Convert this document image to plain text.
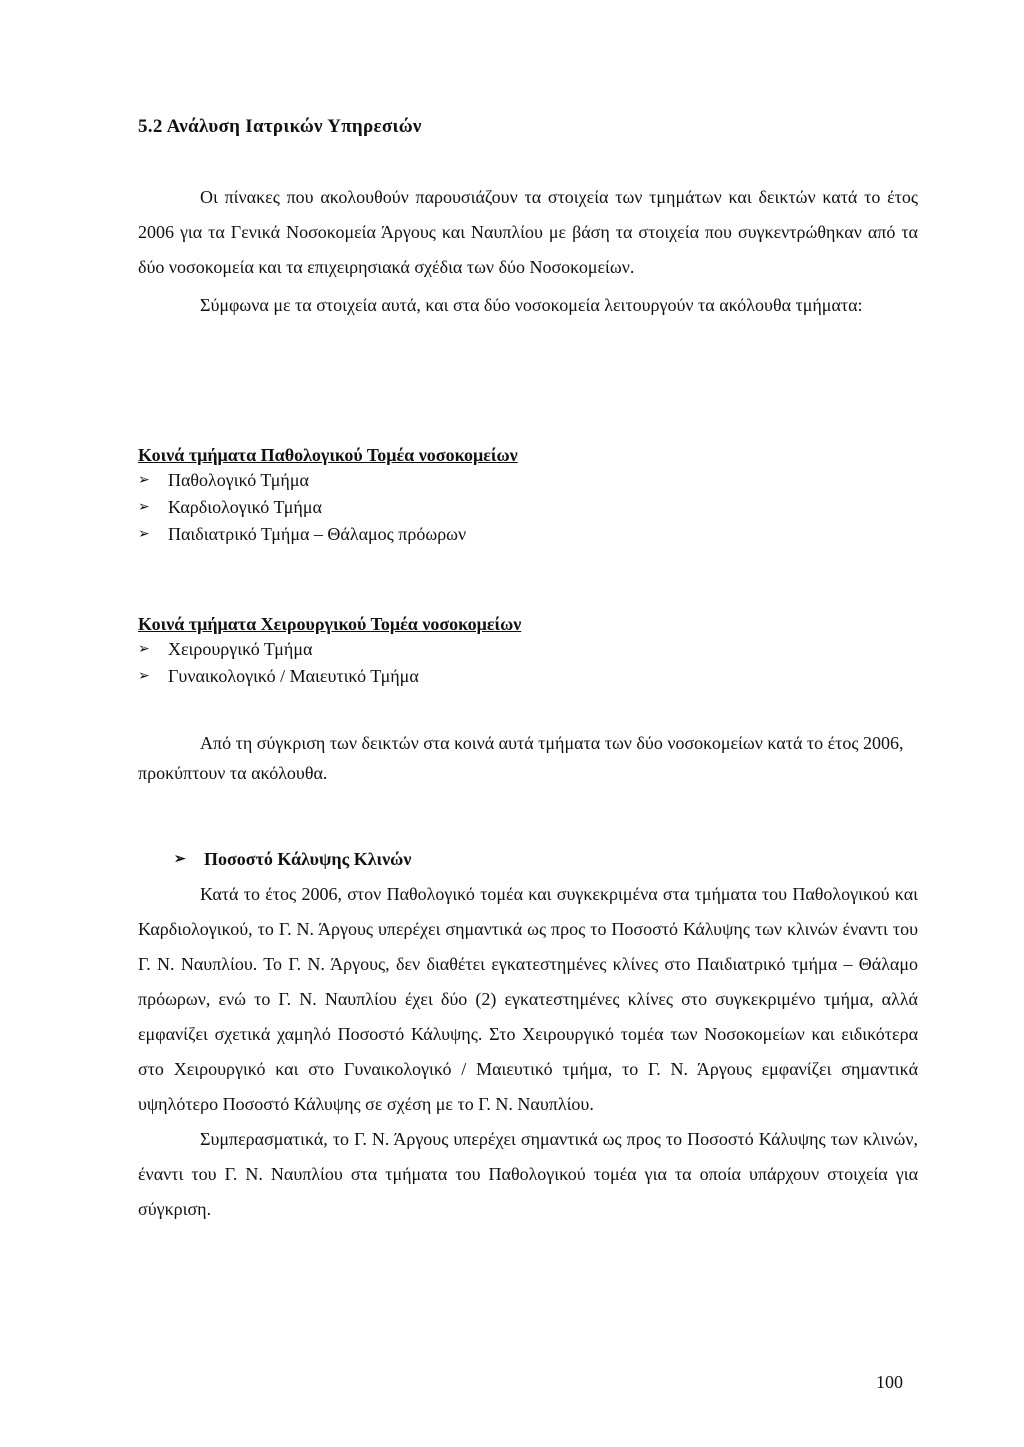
5.2 Ανάλυση Ιατρικών Υπηρεσιών

Οι πίνακες που ακολουθούν παρουσιάζουν τα στοιχεία των τμημάτων και δεικτών κατά το έτος 2006 για τα Γενικά Νοσοκομεία Άργους και Ναυπλίου με βάση τα στοιχεία που συγκεντρώθηκαν από τα δύο νοσοκομεία και τα επιχειρησιακά σχέδια των δύο Νοσοκομείων.

Σύμφωνα με τα στοιχεία αυτά, και στα δύο νοσοκομεία λειτουργούν τα ακόλουθα τμήματα:

Κοινά τμήματα Παθολογικού Τομέα νοσοκομείων
➢	Παθολογικό Τμήμα
➢	Καρδιολογικό Τμήμα
➢	Παιδιατρικό Τμήμα – Θάλαμος πρόωρων
Κοινά τμήματα Χειρουργικού Τομέα νοσοκομείων
➢	Χειρουργικό Τμήμα
➢	Γυναικολογικό / Μαιευτικό Τμήμα

Από τη σύγκριση των δεικτών στα κοινά αυτά τμήματα των δύο νοσοκομείων κατά το έτος 2006, προκύπτουν τα ακόλουθα.

➢	Ποσοστό Κάλυψης Κλινών

Κατά το έτος 2006, στον Παθολογικό τομέα και συγκεκριμένα στα τμήματα του Παθολογικού και Καρδιολογικού, το Γ. Ν. Άργους υπερέχει σημαντικά ως προς το Ποσοστό Κάλυψης των κλινών έναντι του Γ. Ν. Ναυπλίου. Το Γ. Ν. Άργους, δεν διαθέτει εγκατεστημένες κλίνες στο Παιδιατρικό τμήμα – Θάλαμο πρόωρων, ενώ το Γ. Ν. Ναυπλίου έχει δύο (2) εγκατεστημένες κλίνες στο συγκεκριμένο τμήμα, αλλά εμφανίζει σχετικά χαμηλό Ποσοστό Κάλυψης. Στο Χειρουργικό τομέα των Νοσοκομείων και ειδικότερα στο Χειρουργικό και στο Γυναικολογικό / Μαιευτικό τμήμα, το Γ. Ν. Άργους εμφανίζει σημαντικά υψηλότερο Ποσοστό Κάλυψης σε σχέση με το Γ. Ν. Ναυπλίου.

Συμπερασματικά, το Γ. Ν. Άργους υπερέχει σημαντικά ως προς το Ποσοστό Κάλυψης των κλινών, έναντι του Γ. Ν. Ναυπλίου στα τμήματα του Παθολογικού τομέα για τα οποία υπάρχουν στοιχεία για σύγκριση.

100
